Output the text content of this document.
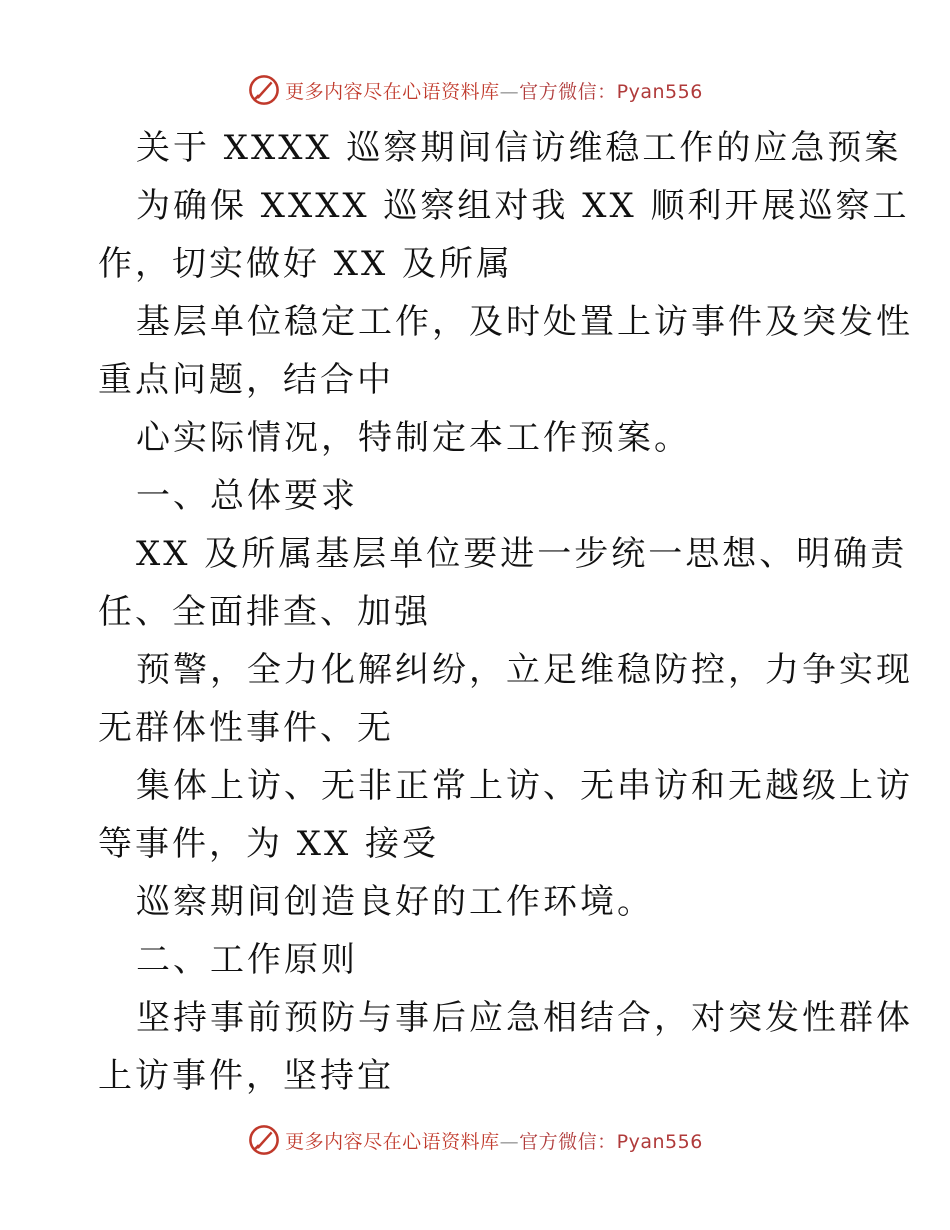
更多内容尽在心语资料库—官方微信：Pyan556
关于 XXXX 巡察期间信访维稳工作的应急预案
为确保 XXXX 巡察组对我 XX 顺利开展巡察工
作，切实做好 XX 及所属
基层单位稳定工作，及时处置上访事件及突发性
重点问题，结合中
心实际情况，特制定本工作预案。
一、总体要求
XX 及所属基层单位要进一步统一思想、明确责
任、全面排查、加强
预警，全力化解纠纷，立足维稳防控，力争实现
无群体性事件、无
集体上访、无非正常上访、无串访和无越级上访
等事件，为 XX 接受
巡察期间创造良好的工作环境。
二、工作原则
坚持事前预防与事后应急相结合，对突发性群体
上访事件，坚持宜
更多内容尽在心语资料库—官方微信：Pyan556
